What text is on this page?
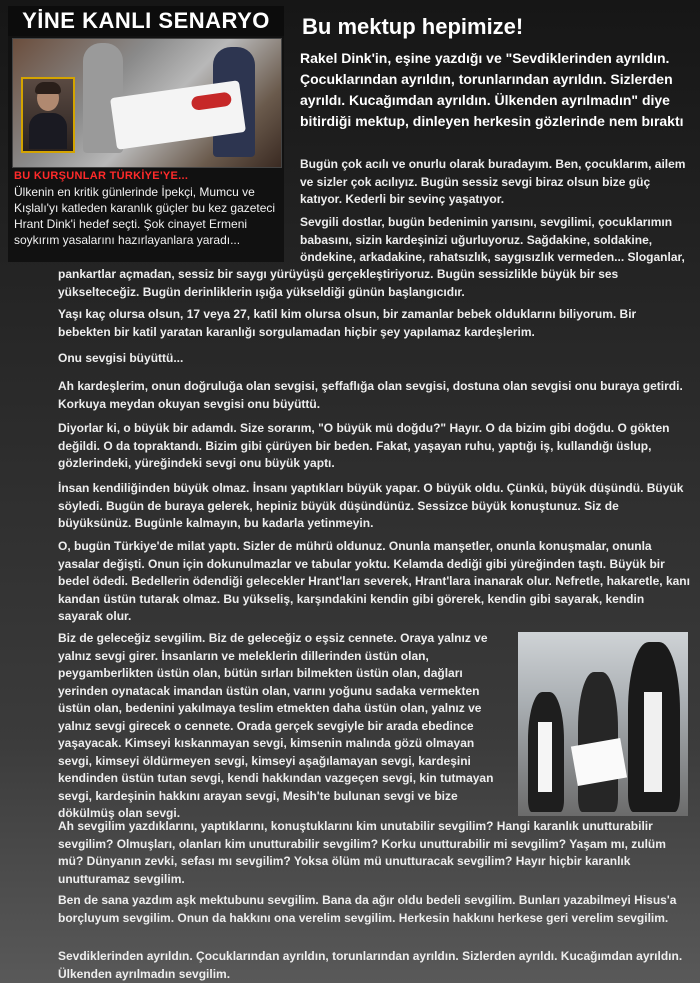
YİNE KANLI SENARYO
BU KURŞUNLAR TÜRKİYE'YE...
Ülkenin en kritik günlerinde İpekçi, Mumcu ve Kışlalı'yı katleden karanlık güçler bu kez gazeteci Hrant Dink'i hedef seçti. Şok cinayet Ermeni soykırım yasalarını hazırlayanlara yaradı...
Bu mektup hepimize!
Rakel Dink'in, eşine yazdığı ve "Sevdiklerinden ayrıldın. Çocuklarından ayrıldın, torunlarından ayrıldın. Sizlerden ayrıldı. Kucağımdan ayrıldın. Ülkenden ayrılmadın" diye bitirdiği mektup, dinleyen herkesin gözlerinde nem bıraktı

Bugün çok acılı ve onurlu olarak buradayım. Ben, çocuklarım, ailem ve sizler çok acılıyız. Bugün sessiz sevgi biraz olsun bize güç katıyor. Kederli bir sevinç yaşatıyor.

Sevgili dostlar, bugün bedenimin yarısını, sevgilimi, çocuklarımın babasını, sizin kardeşinizi uğurluyoruz. Sağdakine, soldakine, öndekine, arkadakine, rahatsızlık, saygısızlık vermeden... Sloganlar,

pankartlar açmadan, sessiz bir saygı yürüyüşü gerçekleştiriyoruz. Bugün sessizlikle büyük bir ses yükselteceğiz. Bugün derinliklerin ışığa yükseldiği günün başlangıcıdır.

Yaşı kaç olursa olsun, 17 veya 27, katil kim olursa olsun, bir zamanlar bebek olduklarını biliyorum. Bir bebekten bir katil yaratan karanlığı sorgulamadan hiçbir şey yapılamaz kardeşlerim.

Onu sevgisi büyüttü...

Ah kardeşlerim, onun doğruluğa olan sevgisi, şeffaflığa olan sevgisi, dostuna olan sevgisi onu buraya getirdi. Korkuya meydan okuyan sevgisi onu büyüttü.

Diyorlar ki, o büyük bir adamdı. Size sorarım, "O büyük mü doğdu?" Hayır. O da bizim gibi doğdu. O gökten değildi. O da topraktandı. Bizim gibi çürüyen bir beden. Fakat, yaşayan ruhu, yaptığı iş, kullandığı üslup, gözlerindeki, yüreğindeki sevgi onu büyük yaptı.

İnsan kendiliğinden büyük olmaz. İnsanı yaptıkları büyük yapar. O büyük oldu. Çünkü, büyük düşündü. Büyük söyledi. Bugün de buraya gelerek, hepiniz büyük düşündünüz. Sessizce büyük konuştunuz. Siz de büyüksünüz. Bugünle kalmayın, bu kadarla yetinmeyin.

O, bugün Türkiye'de milat yaptı. Sizler de mührü oldunuz. Onunla manşetler, onunla konuşmalar, onunla yasalar değişti. Onun için dokunulmazlar ve tabular yoktu. Kelamda dediği gibi yüreğinden taştı. Büyük bir bedel ödedi. Bedellerin ödendiği gelecekler Hrant'ları severek, Hrant'lara inanarak olur. Nefretle, hakaretle, kanı kandan üstün tutarak olmaz. Bu yükseliş, karşındakini kendin gibi görerek, kendin gibi sayarak, kendin sayarak olur.

Biz de geleceğiz sevgilim. Biz de geleceğiz o eşsiz cennete. Oraya yalnız ve yalnız sevgi girer. İnsanların ve meleklerin dillerinden üstün olan, peygamberlikten üstün olan, bütün sırları bilmekten üstün olan, dağları yerinden oynatacak imandan üstün olan, varını yoğunu sadaka vermekten üstün olan, bedenini yakılmaya teslim etmekten daha üstün olan, yalnız ve yalnız sevgi girecek o cennete. Orada gerçek sevgiyle bir arada ebedince yaşayacak. Kimseyi kıskanmayan sevgi, kimsenin malında gözü olmayan sevgi, kimseyi öldürmeyen sevgi, kimseyi aşağılamayan sevgi, kardeşini kendinden üstün tutan sevgi, kendi hakkından vazgeçen sevgi, kin tutmayan sevgi, kardeşinin hakkını arayan sevgi, Mesih'te bulunan sevgi ve bize dökülmüş olan sevgi.

Ah sevgilim yazdıklarını, yaptıklarını, konuştuklarını kim unutabilir sevgilim? Hangi karanlık unutturabilir sevgilim? Olmuşları, olanları kim unutturabilir sevgilim? Korku unutturabilir mi sevgilim? Yaşam mı, zulüm mü? Dünyanın zevki, sefası mı sevgilim? Yoksa ölüm mü unutturacak sevgilim? Hayır hiçbir karanlık unutturamaz sevgilim.

Ben de sana yazdım aşk mektubunu sevgilim. Bana da ağır oldu bedeli sevgilim. Bunları yazabilmeyi Hisus'a borçluyum sevgilim. Onun da hakkını ona verelim sevgilim. Herkesin hakkını herkese geri verelim sevgilim.

Sevdiklerinden ayrıldın. Çocuklarından ayrıldın, torunlarından ayrıldın. Sizlerden ayrıldı. Kucağımdan ayrıldın. Ülkenden ayrılmadın sevgilim.
